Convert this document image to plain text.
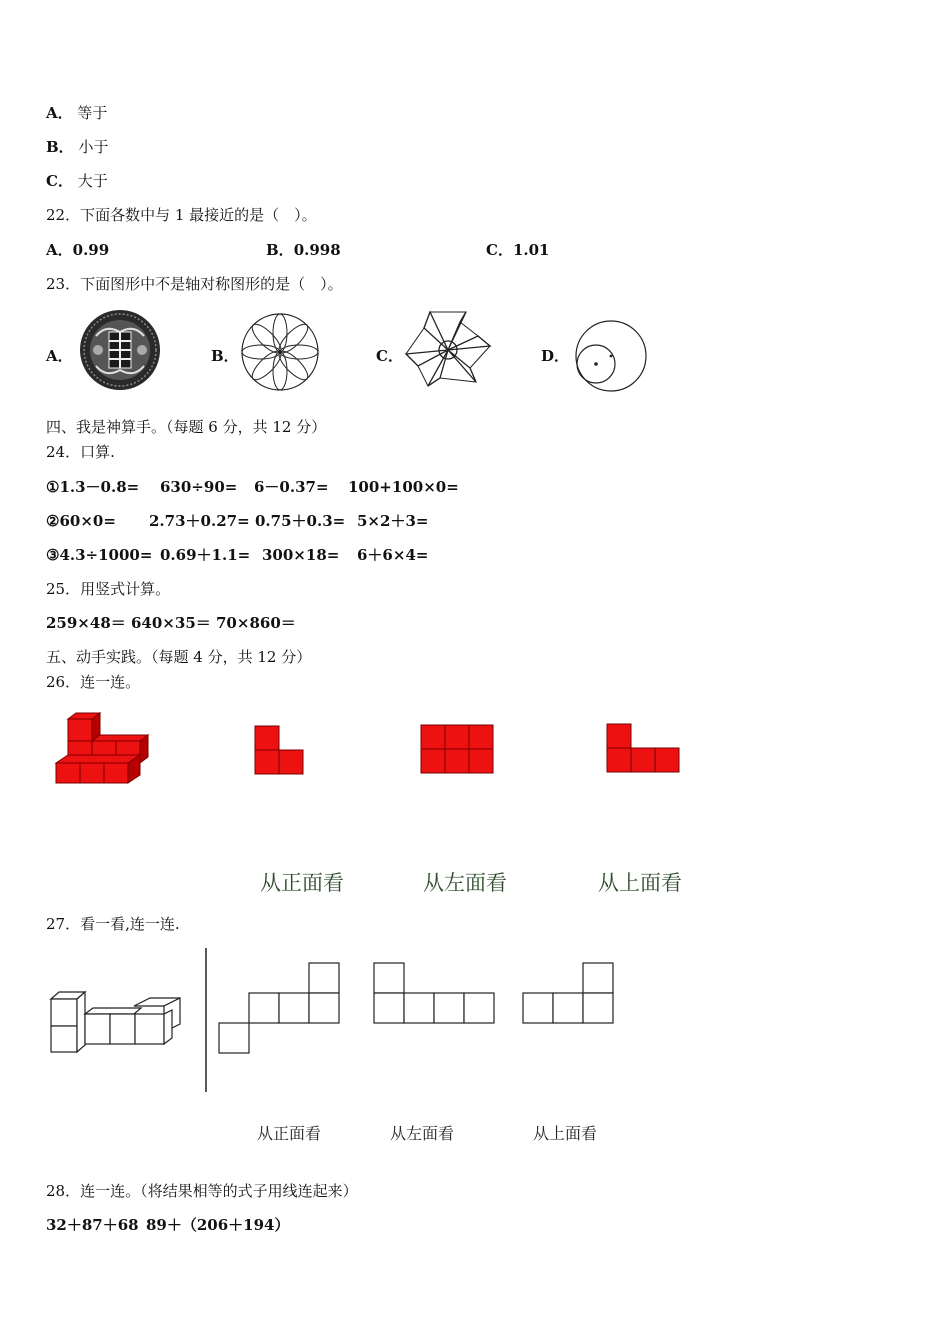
A． 等于
B． 小于
C． 大于
22．下面各数中与 1 最接近的是（　）。
A．0.99	B．0.998	C．1.01
23．下面图形中不是轴对称图形的是（　）。
A．	B．	C．	D．
四、我是神算手。（每题 6 分，共 12 分）
24．口算.
①1.3－0.8= 630÷90= 6－0.37= 100+100×0=
②60×0= 2.73＋0.27= 0.75＋0.3= 5×2＋3=
③4.3÷1000= 0.69＋1.1= 300×18= 6＋6×4=
25．用竖式计算。
259×48＝ 640×35＝ 70×860＝
五、动手实践。（每题 4 分，共 12 分）
26．连一连。
从正面看	从左面看	从上面看
27．看一看,连一连.
从正面看	从左面看	从上面看
28．连一连。（将结果相等的式子用线连起来）
32＋87＋68 89＋（206＋194）
